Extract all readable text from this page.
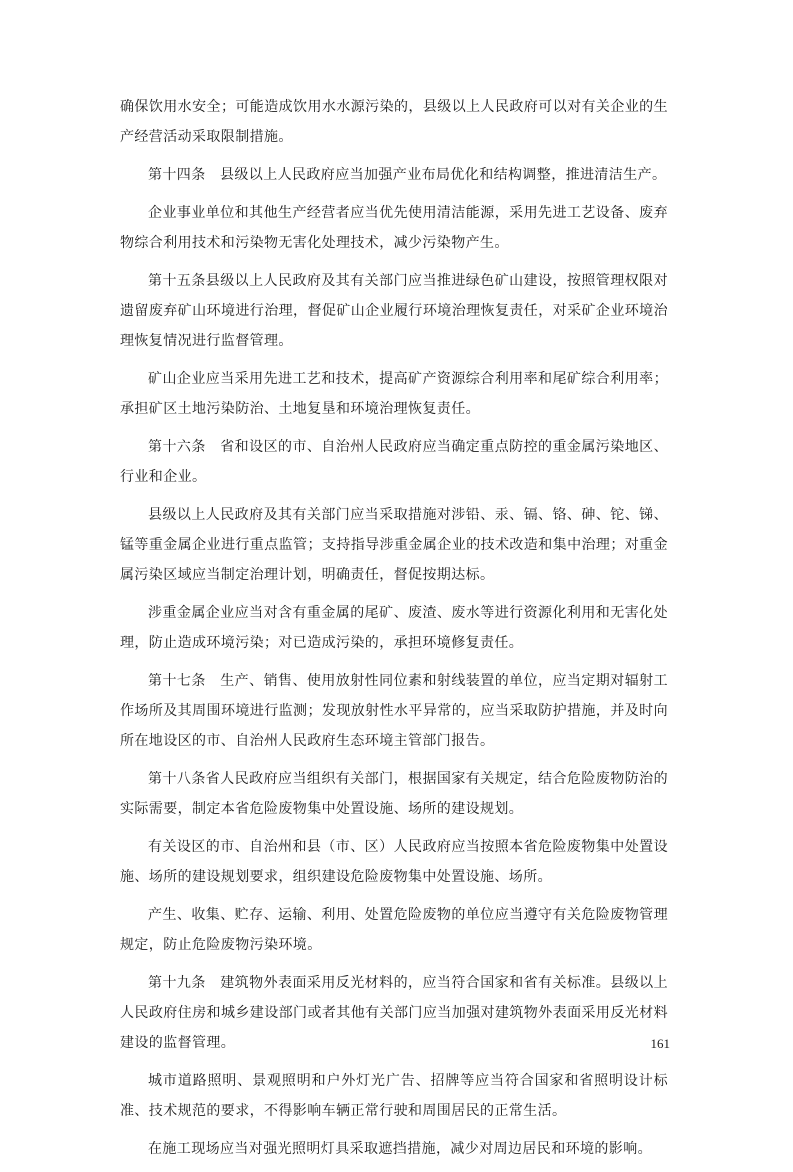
确保饮用水安全；可能造成饮用水水源污染的，县级以上人民政府可以对有关企业的生产经营活动采取限制措施。

第十四条　县级以上人民政府应当加强产业布局优化和结构调整，推进清洁生产。

企业事业单位和其他生产经营者应当优先使用清洁能源，采用先进工艺设备、废弃物综合利用技术和污染物无害化处理技术，减少污染物产生。

第十五条县级以上人民政府及其有关部门应当推进绿色矿山建设，按照管理权限对遗留废弃矿山环境进行治理，督促矿山企业履行环境治理恢复责任，对采矿企业环境治理恢复情况进行监督管理。

矿山企业应当采用先进工艺和技术，提高矿产资源综合利用率和尾矿综合利用率；承担矿区土地污染防治、土地复垦和环境治理恢复责任。

第十六条　省和设区的市、自治州人民政府应当确定重点防控的重金属污染地区、行业和企业。

县级以上人民政府及其有关部门应当采取措施对涉铅、汞、镉、铬、砷、铊、锑、锰等重金属企业进行重点监管；支持指导涉重金属企业的技术改造和集中治理；对重金属污染区域应当制定治理计划，明确责任，督促按期达标。

涉重金属企业应当对含有重金属的尾矿、废渣、废水等进行资源化利用和无害化处理，防止造成环境污染；对已造成污染的，承担环境修复责任。

第十七条　生产、销售、使用放射性同位素和射线装置的单位，应当定期对辐射工作场所及其周围环境进行监测；发现放射性水平异常的，应当采取防护措施，并及时向所在地设区的市、自治州人民政府生态环境主管部门报告。

第十八条省人民政府应当组织有关部门，根据国家有关规定，结合危险废物防治的实际需要，制定本省危险废物集中处置设施、场所的建设规划。

有关设区的市、自治州和县（市、区）人民政府应当按照本省危险废物集中处置设施、场所的建设规划要求，组织建设危险废物集中处置设施、场所。

产生、收集、贮存、运输、利用、处置危险废物的单位应当遵守有关危险废物管理规定，防止危险废物污染环境。

第十九条　建筑物外表面采用反光材料的，应当符合国家和省有关标准。县级以上人民政府住房和城乡建设部门或者其他有关部门应当加强对建筑物外表面采用反光材料建设的监督管理。

城市道路照明、景观照明和户外灯光广告、招牌等应当符合国家和省照明设计标准、技术规范的要求，不得影响车辆正常行驶和周围居民的正常生活。

在施工现场应当对强光照明灯具采取遮挡措施，减少对周边居民和环境的影响。

161
